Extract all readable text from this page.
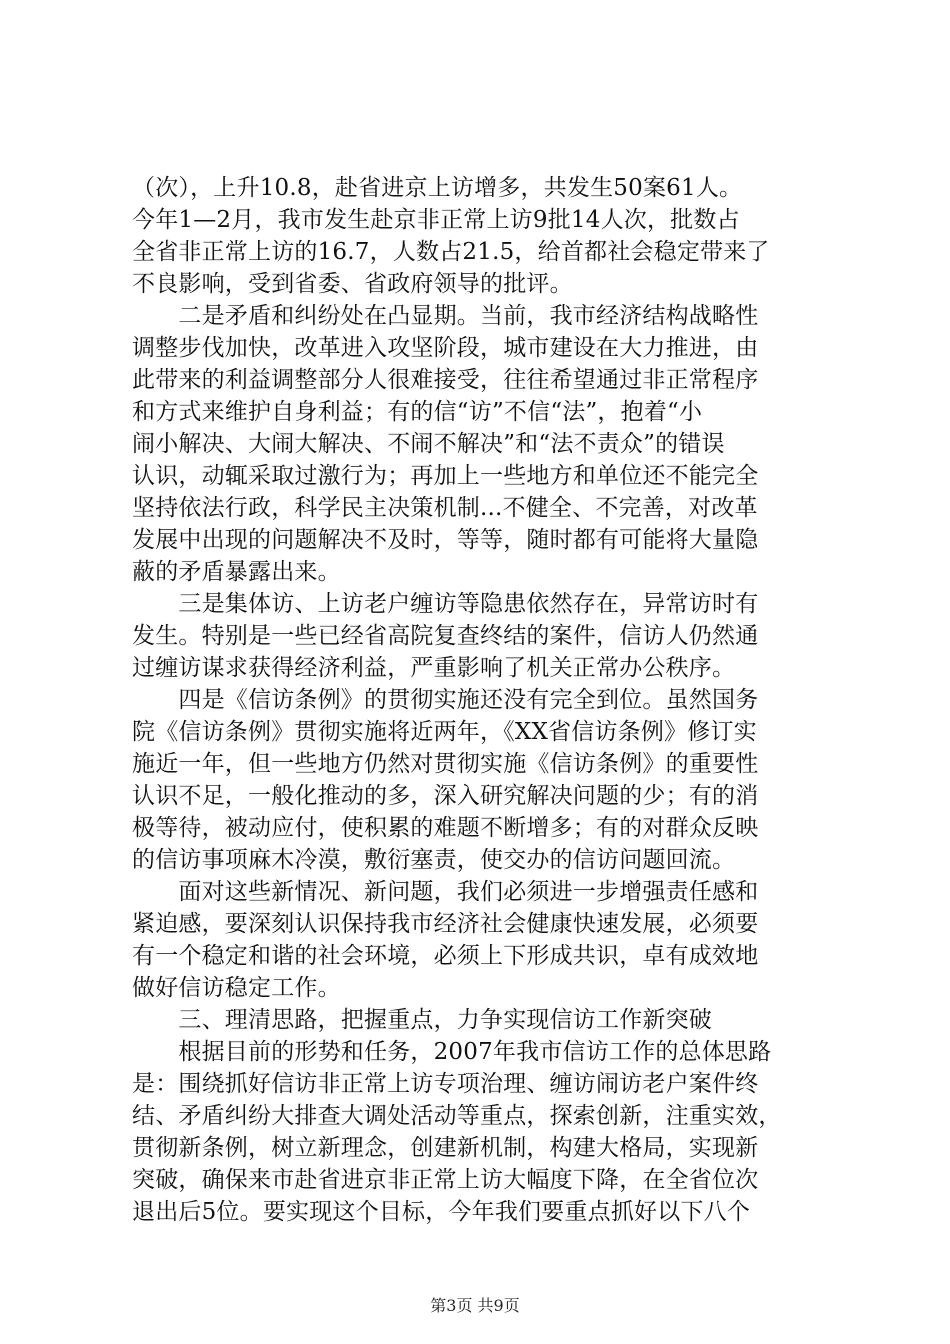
（次），上升10.8，赴省进京上访增多，共发生50案61人。
今年1—2月，我市发生赴京非正常上访9批14人次，批数占
全省非正常上访的16.7，人数占21.5，给首都社会稳定带来了
不良影响，受到省委、省政府领导的批评。
　　二是矛盾和纠纷处在凸显期。当前，我市经济结构战略性
调整步伐加快，改革进入攻坚阶段，城市建设在大力推进，由
此带来的利益调整部分人很难接受，往往希望通过非正常程序
和方式来维护自身利益；有的信“访”不信“法”，抱着“小
闹小解决、大闹大解决、不闹不解决”和“法不责众”的错误
认识，动辄采取过激行为；再加上一些地方和单位还不能完全
坚持依法行政，科学民主决策机制...不健全、不完善，对改革
发展中出现的问题解决不及时，等等，随时都有可能将大量隐
蔽的矛盾暴露出来。
　　三是集体访、上访老户缠访等隐患依然存在，异常访时有
发生。特别是一些已经省高院复查终结的案件，信访人仍然通
过缠访谋求获得经济利益，严重影响了机关正常办公秩序。
　　四是《信访条例》的贯彻实施还没有完全到位。虽然国务
院《信访条例》贯彻实施将近两年，《XX省信访条例》修订实
施近一年，但一些地方仍然对贯彻实施《信访条例》的重要性
认识不足，一般化推动的多，深入研究解决问题的少；有的消
极等待，被动应付，使积累的难题不断增多；有的对群众反映
的信访事项麻木冷漠，敷衍塞责，使交办的信访问题回流。
　　面对这些新情况、新问题，我们必须进一步增强责任感和
紧迫感，要深刻认识保持我市经济社会健康快速发展，必须要
有一个稳定和谐的社会环境，必须上下形成共识，卓有成效地
做好信访稳定工作。
　　三、理清思路，把握重点，力争实现信访工作新突破
　　根据目前的形势和任务，2007年我市信访工作的总体思路
是：围绕抓好信访非正常上访专项治理、缠访闹访老户案件终
结、矛盾纠纷大排查大调处活动等重点，探索创新，注重实效，
贯彻新条例，树立新理念，创建新机制，构建大格局，实现新
突破，确保来市赴省进京非正常上访大幅度下降，在全省位次
退出后5位。要实现这个目标，今年我们要重点抓好以下八个
第3页 共9页
